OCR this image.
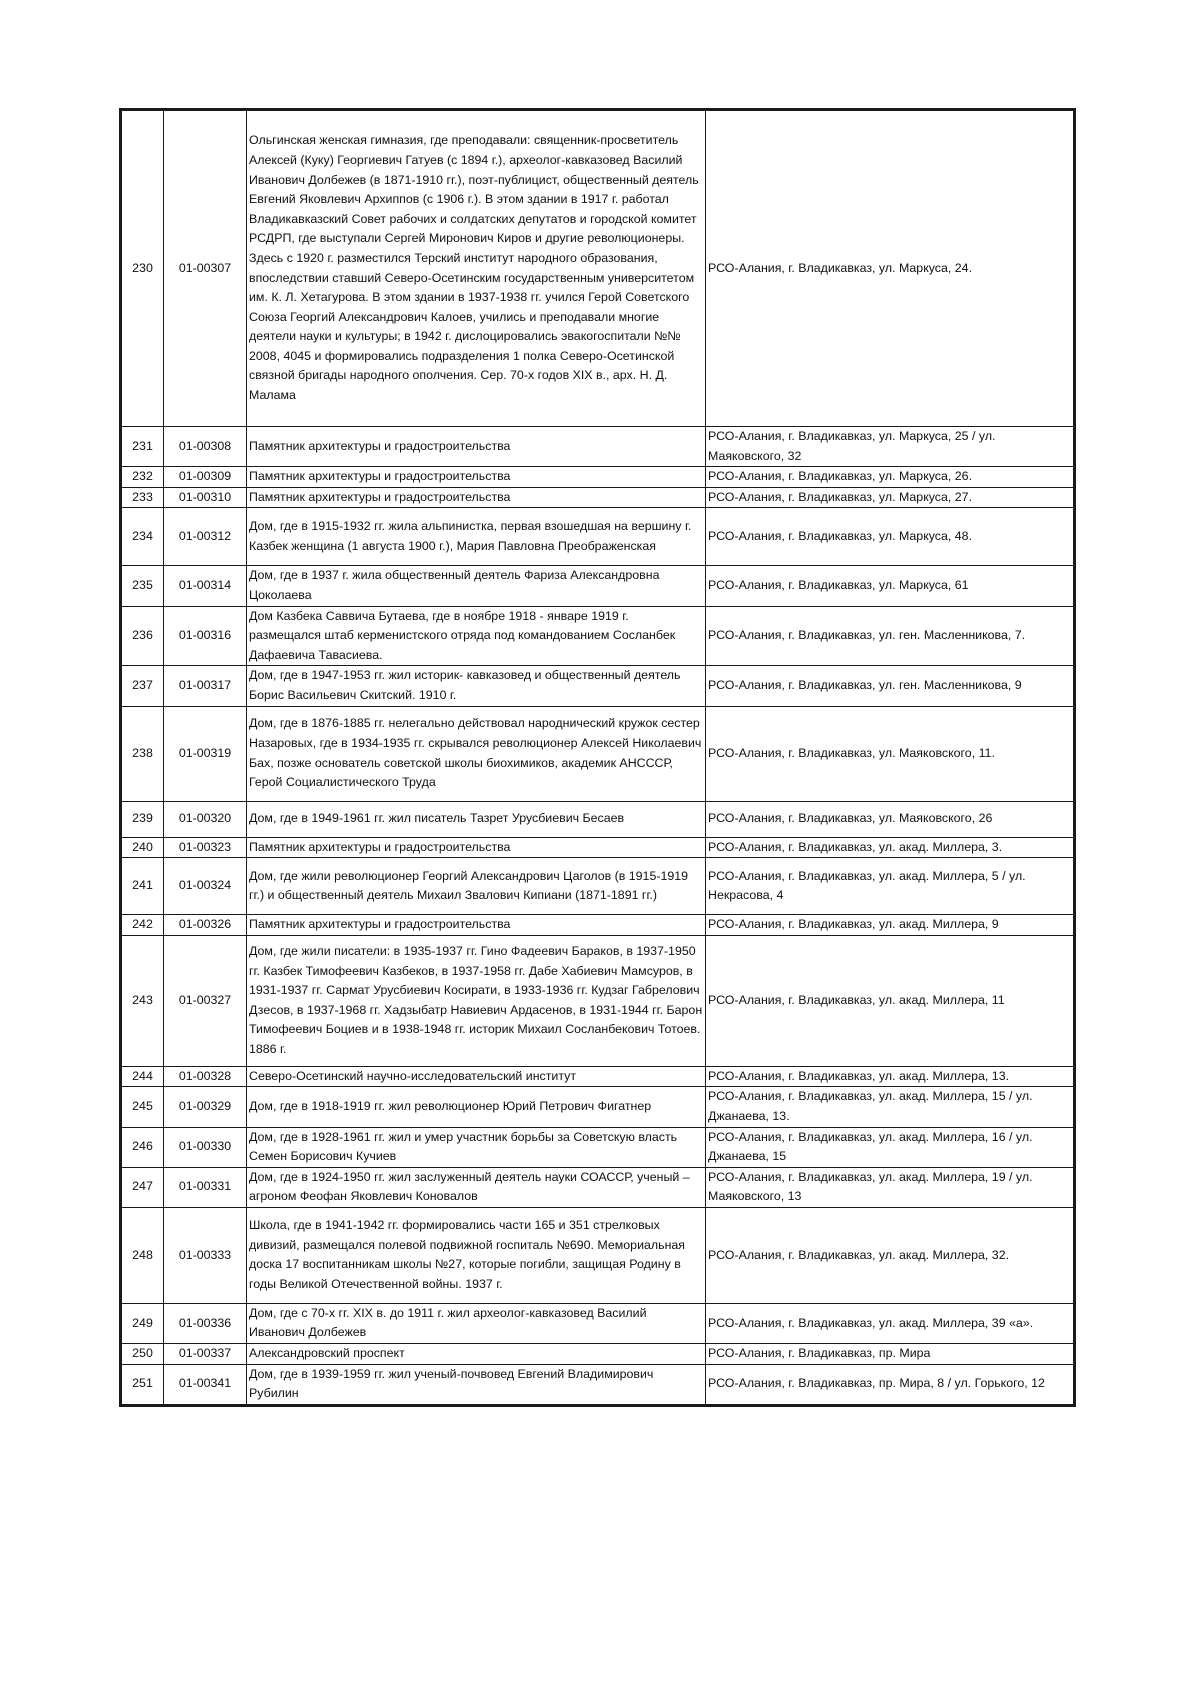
230	01-00307	Ольгинская женская гимназия, где преподавали: священник-просветитель Алексей (Куку) Георгиевич Гатуев (с 1894 г.), археолог-кавказовед Василий Иванович Долбежев (в 1871-1910 гг.), поэт-публицист, общественный деятель Евгений Яковлевич Архиппов (с 1906 г.). В этом здании в 1917 г. работал Владикавказский Совет рабочих и солдатских депутатов и городской комитет РСДРП, где выступали Сергей Миронович Киров и другие революционеры. Здесь с 1920 г. разместился Терский институт народного образования, впоследствии ставший Северо-Осетинским государственным университетом им. К. Л. Хетагурова. В этом здании в 1937-1938 гг. учился Герой Советского Союза Георгий Александрович Калоев, учились и преподавали многие деятели науки и культуры; в 1942 г. дислоцировались эвакогоспитали №№ 2008, 4045 и формировались подразделения 1 полка Северо-Осетинской связной бригады народного ополчения. Сер. 70-х годов XIX в., арх. Н. Д. Малама	РСО-Алания, г. Владикавказ, ул. Маркуса, 24.
231	01-00308	Памятник архитектуры и градостроительства	РСО-Алания, г. Владикавказ, ул. Маркуса, 25 / ул. Маяковского, 32
232	01-00309	Памятник архитектуры и градостроительства	РСО-Алания, г. Владикавказ, ул. Маркуса, 26.
233	01-00310	Памятник архитектуры и градостроительства	РСО-Алания, г. Владикавказ, ул. Маркуса, 27.
234	01-00312	Дом, где в 1915-1932 гг. жила альпинистка, первая взошедшая на вершину г. Казбек женщина (1 августа 1900 г.), Мария Павловна Преображенская	РСО-Алания, г. Владикавказ, ул. Маркуса, 48.
235	01-00314	Дом, где в 1937 г. жила общественный деятель Фариза Александровна Цоколаева	РСО-Алания, г. Владикавказ, ул. Маркуса, 61
236	01-00316	Дом Казбека Саввича Бутаева, где в ноябре 1918 - январе 1919 г. размещался штаб керменистского отряда под командованием Сосланбек Дафаевича Тавасиева.	РСО-Алания, г. Владикавказ, ул. ген. Масленникова, 7.
237	01-00317	Дом, где в 1947-1953 гг. жил историк- кавказовед и общественный деятель Борис Васильевич Скитский. 1910 г.	РСО-Алания, г. Владикавказ, ул. ген. Масленникова, 9
238	01-00319	Дом, где в 1876-1885 гг. нелегально действовал народнический кружок сестер Назаровых, где в 1934-1935 гг. скрывался революционер Алексей Николаевич Бах, позже основатель советской школы биохимиков, академик АНСССР, Герой Социалистического Труда	РСО-Алания, г. Владикавказ, ул. Маяковского, 11.
239	01-00320	Дом, где в 1949-1961 гг. жил писатель Тазрет Урусбиевич Бесаев	РСО-Алания, г. Владикавказ, ул. Маяковского, 26
240	01-00323	Памятник архитектуры и градостроительства	РСО-Алания, г. Владикавказ, ул. акад. Миллера, 3.
241	01-00324	Дом, где жили революционер Георгий Александрович Цаголов (в 1915-1919 гг.) и общественный деятель Михаил Звалович Кипиани (1871-1891 гг.)	РСО-Алания, г. Владикавказ, ул. акад. Миллера, 5 / ул. Некрасова, 4
242	01-00326	Памятник архитектуры и градостроительства	РСО-Алания, г. Владикавказ, ул. акад. Миллера, 9
243	01-00327	Дом, где жили писатели: в 1935-1937 гг. Гино Фадеевич Бараков, в 1937-1950 гг. Казбек Тимофеевич Казбеков, в 1937-1958 гг. Дабе Хабиевич Мамсуров, в 1931-1937 гг. Сармат Урусбиевич Косирати, в 1933-1936 гг. Кудзаг Габрелович Дзесов, в 1937-1968 гг. Хадзыбатр Навиевич Ардасенов, в 1931-1944 гг. Барон Тимофеевич Боциев и в 1938-1948 гг. историк Михаил Сосланбекович Тотоев. 1886 г.	РСО-Алания, г. Владикавказ, ул. акад. Миллера, 11
244	01-00328	Северо-Осетинский научно-исследовательский институт	РСО-Алания, г. Владикавказ, ул. акад. Миллера, 13.
245	01-00329	Дом, где в 1918-1919 гг. жил революционер Юрий Петрович Фигатнер	РСО-Алания, г. Владикавказ, ул. акад. Миллера, 15 / ул. Джанаева, 13.
246	01-00330	Дом, где в 1928-1961 гг. жил и умер участник борьбы за Советскую власть Семен Борисович Кучиев	РСО-Алания, г. Владикавказ, ул. акад. Миллера, 16 / ул. Джанаева, 15
247	01-00331	Дом, где в 1924-1950 гг. жил заслуженный деятель науки СОАССР, ученый – агроном Феофан Яковлевич Коновалов	РСО-Алания, г. Владикавказ, ул. акад. Миллера, 19 / ул. Маяковского, 13
248	01-00333	Школа, где в 1941-1942 гг. формировались части 165 и 351 стрелковых дивизий, размещался полевой подвижной госпиталь №690. Мемориальная доска 17 воспитанникам школы №27, которые погибли, защищая Родину в годы Великой Отечественной войны. 1937 г.	РСО-Алания, г. Владикавказ, ул. акад. Миллера, 32.
249	01-00336	Дом, где с 70-х гг. XIX в. до 1911 г. жил археолог-кавказовед Василий Иванович Долбежев	РСО-Алания, г. Владикавказ, ул. акад. Миллера, 39 «а».
250	01-00337	Александровский проспект	РСО-Алания, г. Владикавказ, пр. Мира
251	01-00341	Дом, где в 1939-1959 гг. жил ученый-почвовед Евгений Владимирович Рубилин	РСО-Алания, г. Владикавказ, пр. Мира, 8 / ул. Горького, 12
